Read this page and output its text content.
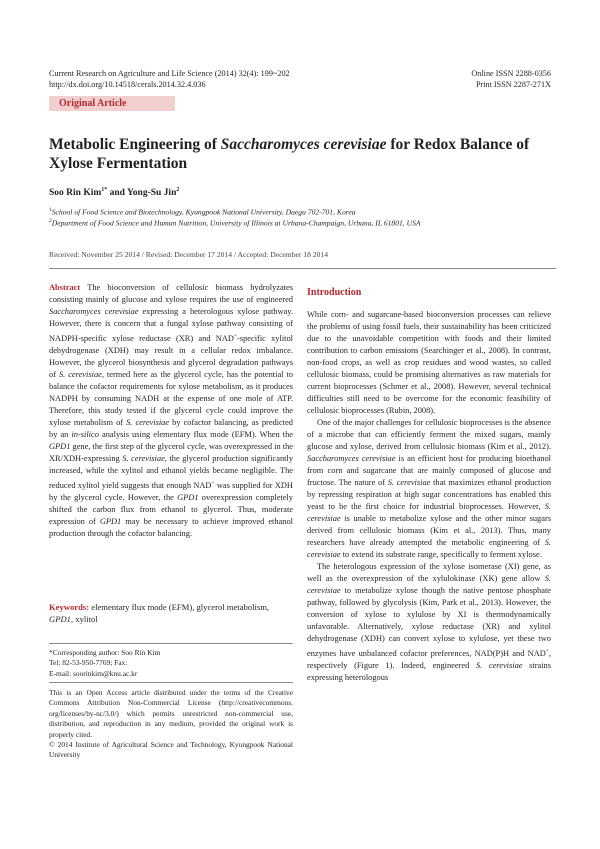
Current Research on Agriculture and Life Science (2014) 32(4): 199~202
http://dx.doi.org/10.14518/cerals.2014.32.4.036
Online ISSN 2288-0356
Print ISSN 2287-271X
Original Article
Metabolic Engineering of Saccharomyces cerevisiae for Redox Balance of
Xylose Fermentation
Soo Rin Kim$^{1*}$ and Yong-Su Jin$^2$
$^1$School of Food Science and Biotechnology, Kyungpook National University, Daegu 702-701, Korea
$^2$Department of Food Science and Human Nutrition, University of Illinois at Urbana-Champaign, Urbana, IL 61801, USA
Received: November 25 2014 / Revised: December 17 2014 / Accepted: December 18 2014

Abstract The bioconversion of cellulosic biomass hydrolyzates consisting mainly of glucose and xylose requires the use of engineered Saccharomyces cerevisiae expressing a heterologous xylose pathway. However, there is concern that a fungal xylose pathway consisting of NADPH-specific xylose reductase (XR) and NAD+-specific xylitol dehydrogenase (XDH) may result in a cellular redox imbalance. However, the glycerol biosynthesis and glycerol degradation pathways of S. cerevisiae, termed here as the glycerol cycle, has the potential to balance the cofactor requirements for xylose metabolism, as it produces NADPH by consuming NADH at the expense of one mole of ATP. Therefore, this study tested if the glycerol cycle could improve the xylose metabolism of S. cerevisiae by cofactor balancing, as predicted by an in-silico analysis using elementary flux mode (EFM). When the GPD1 gene, the first step of the glycerol cycle, was overexpressed in the XR/XDH-expressing S. cerevisiae, the glycerol production significantly increased, while the xylitol and ethanol yields became negligible. The reduced xylitol yield suggests that enough NAD+ was supplied for XDH by the glycerol cycle. However, the GPD1 overexpression completely shifted the carbon flux from ethanol to glycerol. Thus, moderate expression of GPD1 may be necessary to achieve improved ethanol production through the cofactor balancing.

Keywords: elementary flux mode (EFM), glycerol metabolism, GPD1, xylitol
*Corresponding author: Soo Rin Kim
Tel: 82-53-950-7769; Fax:
E-mail: soorinkim@knu.ac.kr
This is an Open Access article distributed under the terms of the Creative Commons Attribution Non-Commercial License (http://creativecommons. org/licenses/by-nc/3.0/) which permits unrestricted non-commercial use, distribution, and reproduction in any medium, provided the original work is properly cited.
© 2014 Institute of Agricultural Science and Technology, Kyungpook National University
Introduction

While corn- and sugarcane-based bioconversion processes can relieve the problems of using fossil fuels, their sustainability has been criticized due to the unavoidable competition with foods and their limited contribution to carbon emissions (Searchinger et al., 2008). In contrast, non-food crops, as well as crop residues and wood wastes, so called cellulosic biomass, could be promising alternatives as raw materials for current bioprocesses (Schmer et al., 2008). However, several technical difficulties still need to be overcome for the economic feasibility of cellulosic bioprocesses (Rubin, 2008).

One of the major challenges for cellulosic bioprocesses is the absence of a microbe that can efficiently ferment the mixed sugars, mainly glucose and xylose, derived from cellulosic biomass (Kim et al., 2012). Saccharomyces cerevisiae is an efficient host for producing bioethanol from corn and sugarcane that are mainly composed of glucose and fructose. The nature of S. cerevisiae that maximizes ethanol production by repressing respiration at high sugar concentrations has enabled this yeast to be the first choice for industrial bioprocesses. However, S. cerevisiae is unable to metabolize xylose and the other minor sugars derived from cellulosic biomass (Kim et al., 2013). Thus, many researchers have already attempted the metabolic engineering of S. cerevisiae to extend its substrate range, specifically to ferment xylose.

The heterologous expression of the xylose isomerase (XI) gene, as well as the overexpression of the xylulokinase (XK) gene allow S. cerevisiae to metabolize xylose though the native pentose phosphate pathway, followed by glycolysis (Kim, Park et al., 2013). However, the conversion of xylose to xylulose by XI is thermodynamically unfavorable. Alternatively, xylose reductase (XR) and xylitol dehydrogenase (XDH) can convert xylose to xylulose, yet these two enzymes have unbalanced cofactor preferences, NAD(P)H and NAD+, respectively (Figure 1). Indeed, engineered S. cerevisiae strains expressing heterologous
